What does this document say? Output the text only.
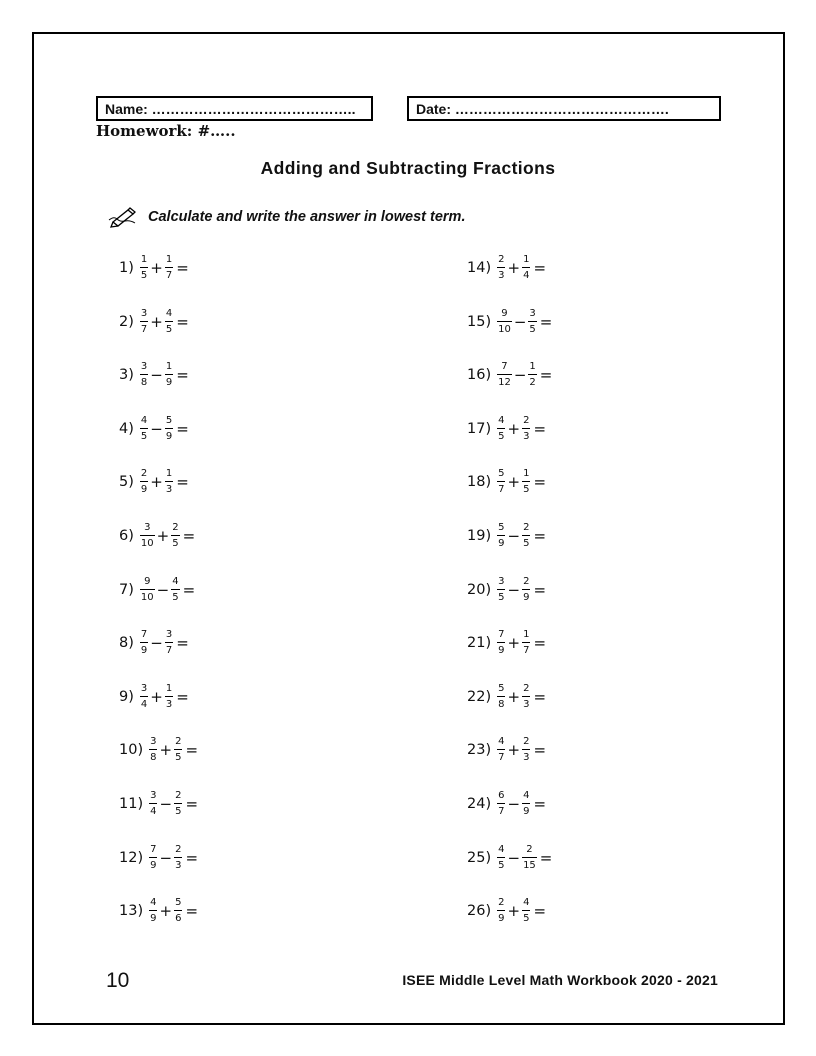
Name: ……………………………………..	Date: ……………………………………….
Homework: #…..
Adding and Subtracting Fractions
Calculate and write the answer in lowest term.
$1) \frac{1}{5} + \frac{1}{7}$ =
$2) \frac{3}{7} + \frac{4}{5}$ =
$3) \frac{3}{8} - \frac{1}{9}$ =
$4) \frac{4}{5} - \frac{5}{9}$ =
$5) \frac{2}{9} + \frac{1}{3}$ =
$6) \frac{3}{10} + \frac{2}{5}$ =
$7) \frac{9}{10} - \frac{4}{5}$ =
$8) \frac{7}{9} - \frac{3}{7}$ =
$9) \frac{3}{4} + \frac{1}{3}$ =
$10) \frac{3}{8} + \frac{2}{5}$ =
$11) \frac{3}{4} - \frac{2}{5}$ =
$12) \frac{7}{9} - \frac{2}{3}$ =
$13) \frac{4}{9} + \frac{5}{6}$ =
$14) \frac{2}{3} + \frac{1}{4}$ =
$15) \frac{9}{10} - \frac{3}{5}$ =
$16) \frac{7}{12} - \frac{1}{2}$ =
$17) \frac{4}{5} + \frac{2}{3}$ =
$18) \frac{5}{7} + \frac{1}{5}$ =
$19) \frac{5}{9} - \frac{2}{5}$ =
$20) \frac{3}{5} - \frac{2}{9}$ =
$21) \frac{7}{9} + \frac{1}{7}$ =
$22) \frac{5}{8} + \frac{2}{3}$ =
$23) \frac{4}{7} + \frac{2}{3}$ =
$24) \frac{6}{7} - \frac{4}{9}$ =
$25) \frac{4}{5} - \frac{2}{15}$ =
$26) \frac{2}{9} + \frac{4}{5}$ =
10	ISEE Middle Level Math Workbook 2020 - 2021
